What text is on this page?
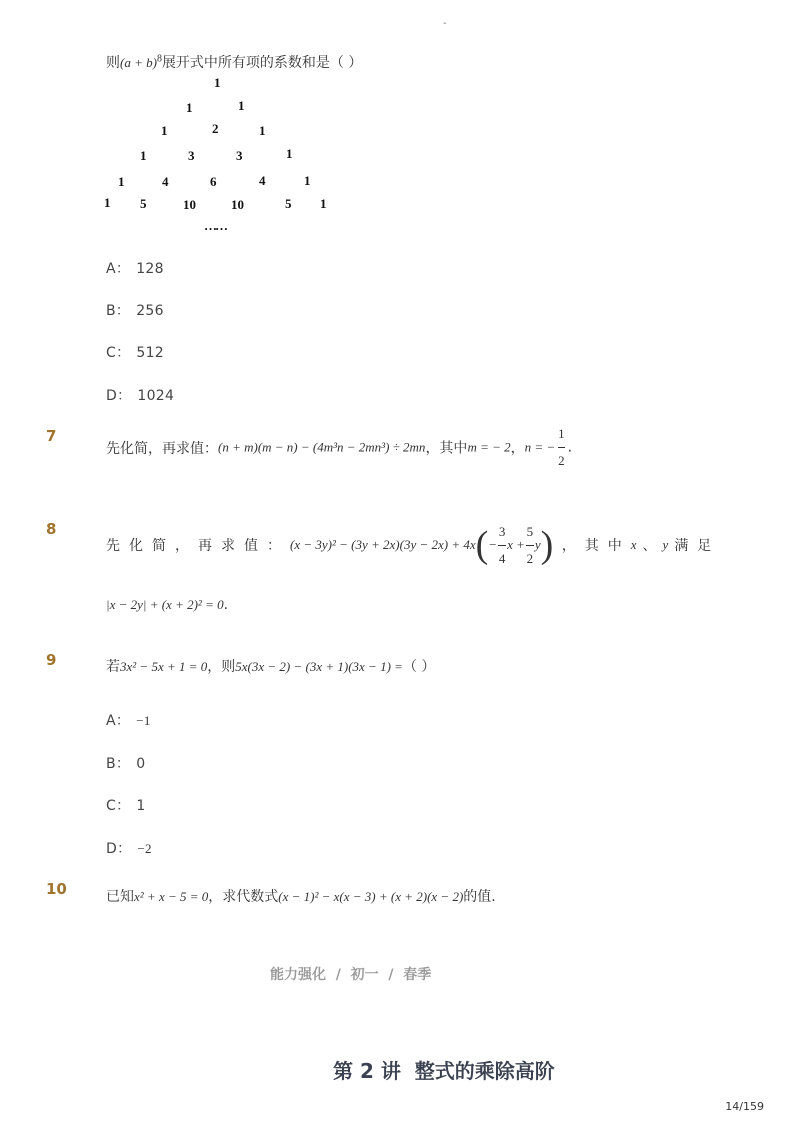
-
则$(a + b)^8$展开式中所有项的系数和是（ ）
1
1	1
1	2	1
1	3	3	1
1	4	6	4	1
1 5	10	10	5 1
……
A： 128
B： 256
C： 512
D： 1024
7
先化简，再求值：(n + m)(m − n) − (4m³n − 2mn³) ÷ 2mn，其中m = − 2，n = − $\frac{1}{2}$ .
8
先化简，再求值：$(x - 3y)^2 - (3y + 2x)(3y - 2x) + 4x(- \frac{3}{4}$ $x + \frac{5}{2} y$) ，其中x 、 y 满足
|x − 2y| + (x + 2)² = 0.
9	若3x² − 5x + 1 = 0，则5x(3x − 2) − (3x + 1)(3x − 1) =（ ）
A： −1
B： 0
C： 1
D： −2
10	已知x² + x − 5 = 0，求代数式(x − 1)² − x(x − 3) + (x + 2)(x − 2)的值.
能力强化  /  初一  /  春季
第 2 讲  整式的乘除高阶
14/159
